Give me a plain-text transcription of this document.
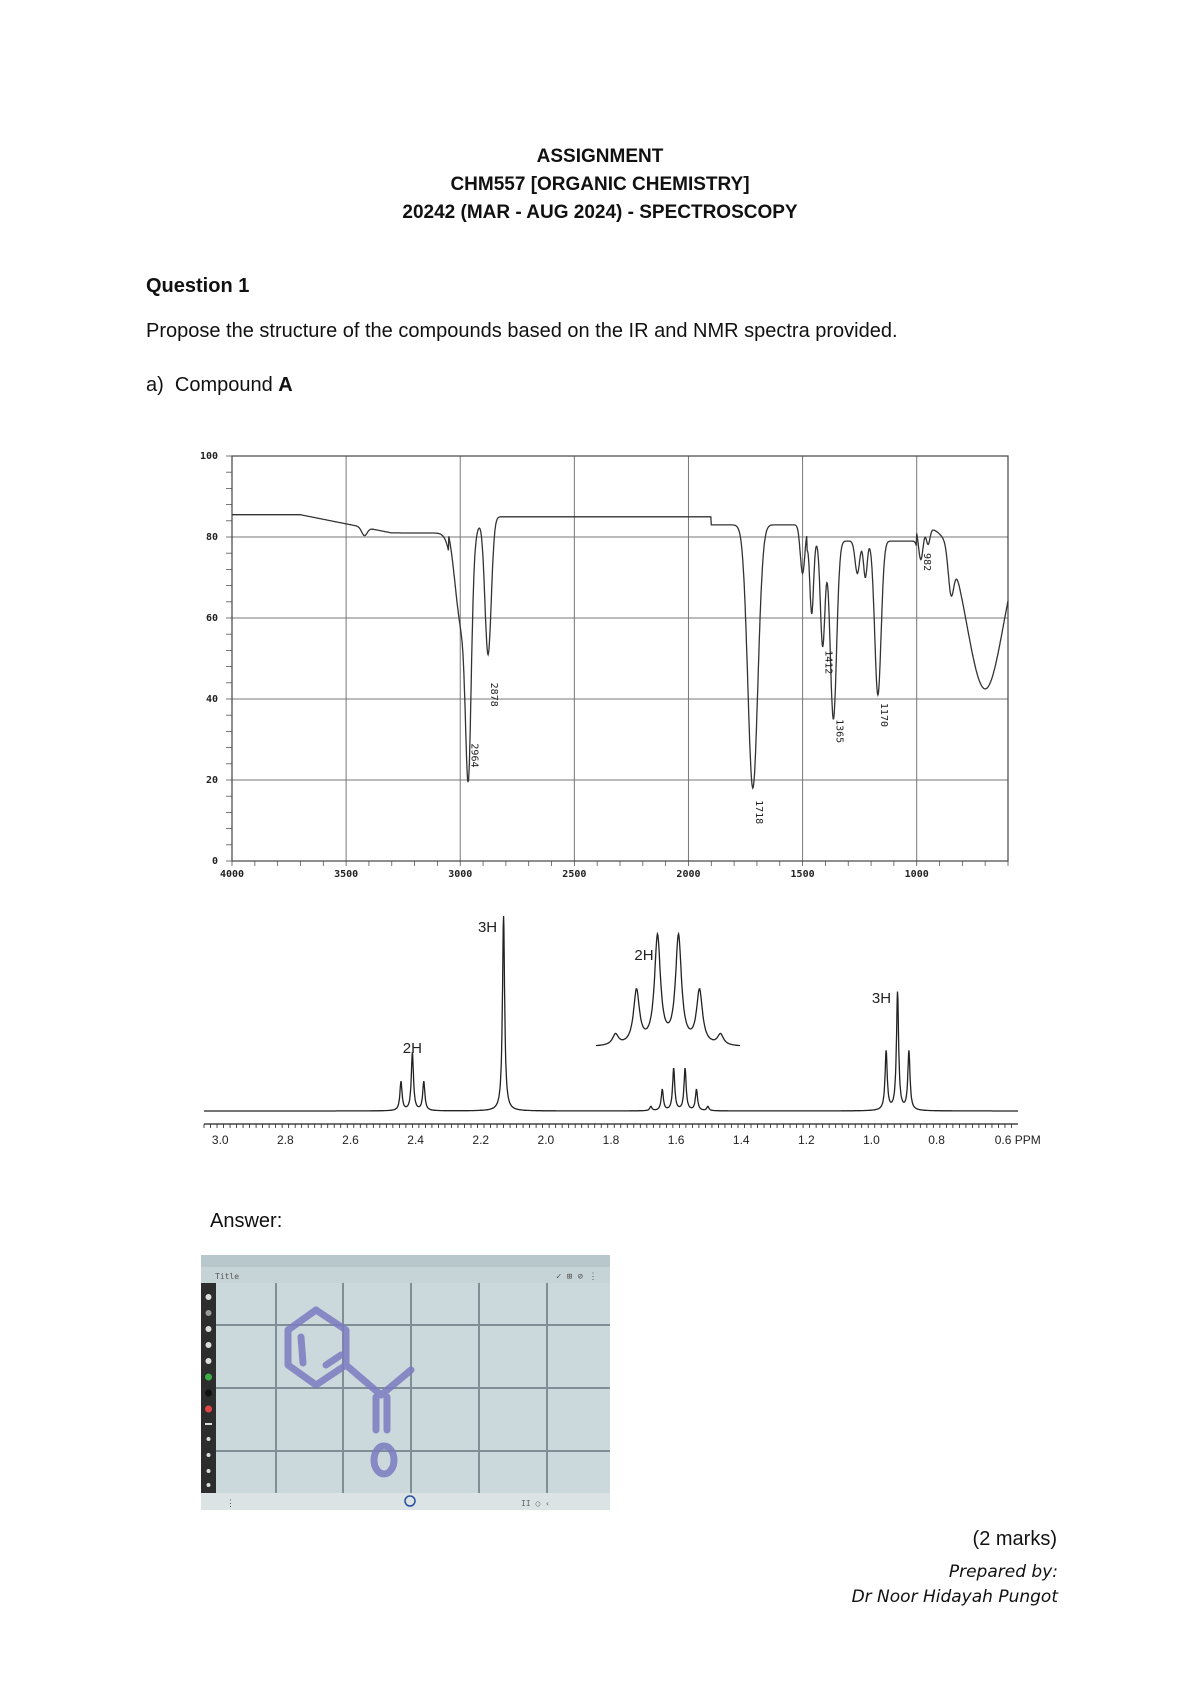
ASSIGNMENT
CHM557 [ORGANIC CHEMISTRY]
20242 (MAR - AUG 2024) - SPECTROSCOPY
Question 1
Propose the structure of the compounds based on the IR and NMR spectra provided.
a)  Compound A
4000	3500	3000	2500	2000	1500	1000
100
80
60
40
20
0
2964
2878
1718
1412
1365
1170
982
3.0	2.8	2.6	2.4	2.2	2.0	1.8	1.6	1.4	1.2	1.0	0.8	0.6 PPM
2H
3H
2H
3H
Answer:
Title	✓ ⊞ ⊘ ⋮
⋮	II ○ ‹
(2 marks)
Prepared by:
Dr Noor Hidayah Pungot
